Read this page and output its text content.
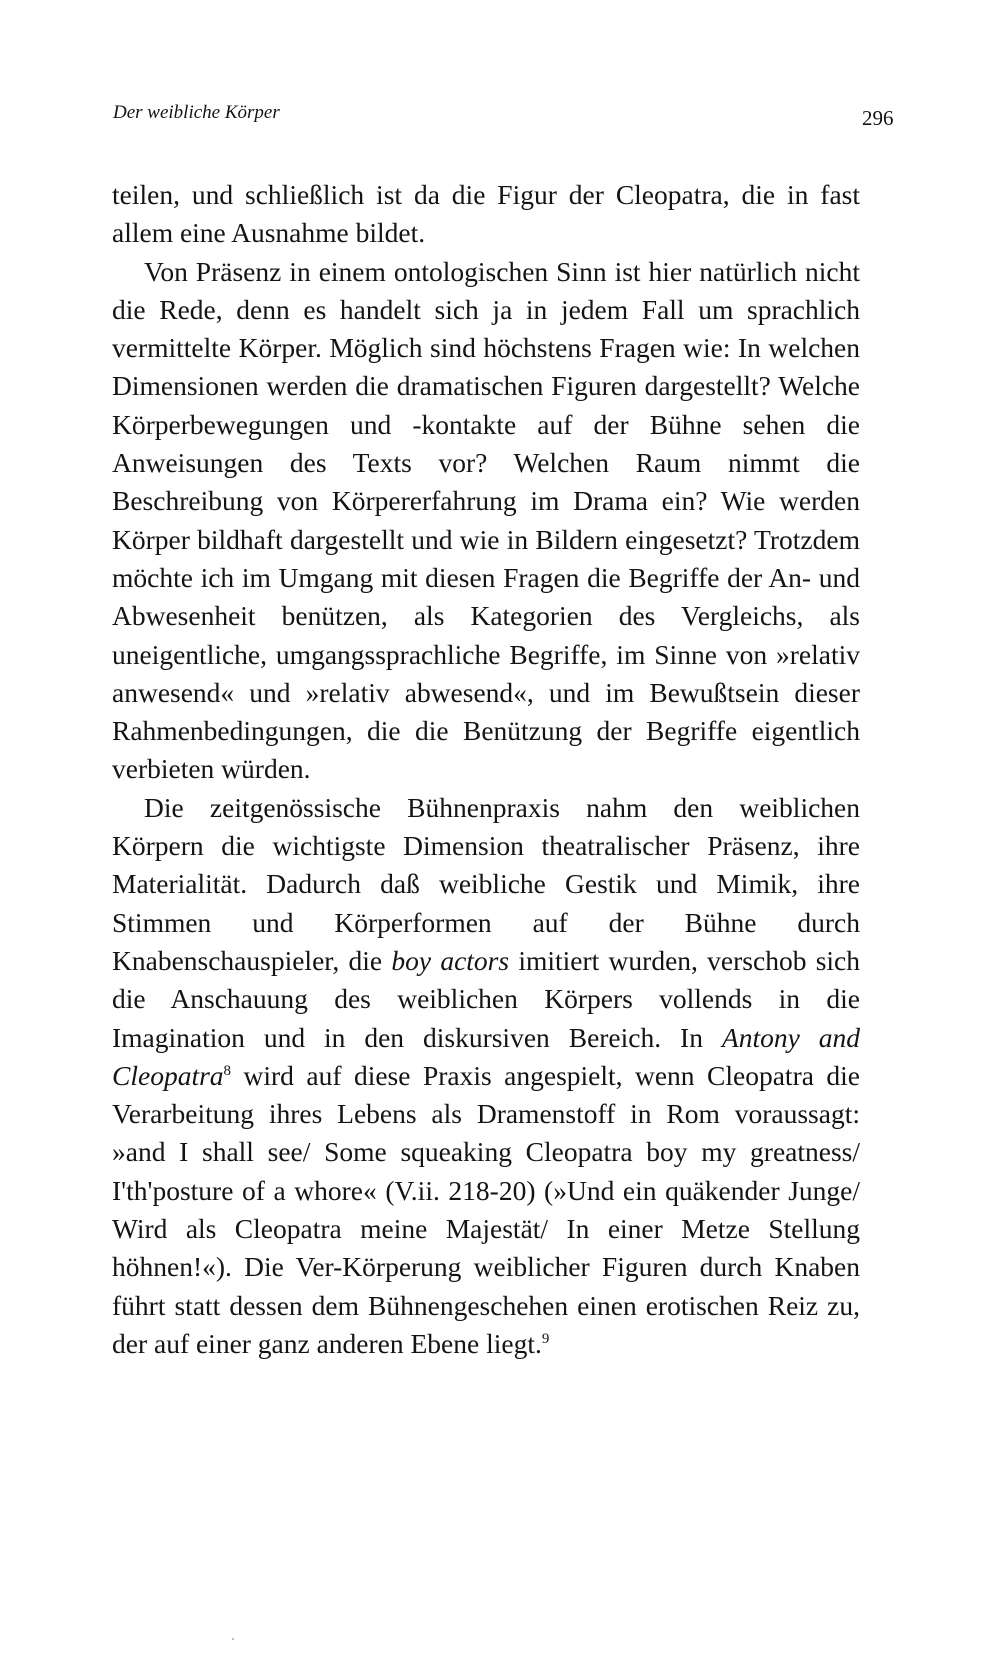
Der weibliche Körper	296

teilen, und schließlich ist da die Figur der Cleopatra, die in fast allem eine Ausnahme bildet.

Von Präsenz in einem ontologischen Sinn ist hier natürlich nicht die Rede, denn es handelt sich ja in jedem Fall um sprachlich vermittelte Körper. Möglich sind höchstens Fragen wie: In welchen Dimensionen werden die dramatischen Figuren dargestellt? Welche Körperbewegungen und -kontakte auf der Bühne sehen die Anweisungen des Texts vor? Welchen Raum nimmt die Beschreibung von Körpererfahrung im Drama ein? Wie werden Körper bildhaft dargestellt und wie in Bildern eingesetzt? Trotzdem möchte ich im Umgang mit diesen Fragen die Begriffe der An- und Abwesenheit benützen, als Kategorien des Vergleichs, als uneigentliche, umgangssprachliche Begriffe, im Sinne von »relativ anwesend« und »relativ abwesend«, und im Bewußtsein dieser Rahmenbedingungen, die die Benützung der Begriffe eigentlich verbieten würden.

Die zeitgenössische Bühnenpraxis nahm den weiblichen Körpern die wichtigste Dimension theatralischer Präsenz, ihre Materialität. Dadurch daß weibliche Gestik und Mimik, ihre Stimmen und Körperformen auf der Bühne durch Knabenschauspieler, die boy actors imitiert wurden, verschob sich die Anschauung des weiblichen Körpers vollends in die Imagination und in den diskursiven Bereich. In Antony and Cleopatra$^8$ wird auf diese Praxis angespielt, wenn Cleopatra die Verarbeitung ihres Lebens als Dramenstoff in Rom voraussagt: »and I shall see/ Some squeaking Cleopatra boy my greatness/ I'th'posture of a whore« (V.ii. 218-20) (»Und ein quäkender Junge/ Wird als Cleopatra meine Majestät/ In einer Metze Stellung höhnen!«). Die Ver-Körperung weiblicher Figuren durch Knaben führt statt dessen dem Bühnengeschehen einen erotischen Reiz zu, der auf einer ganz anderen Ebene liegt.$^9$
